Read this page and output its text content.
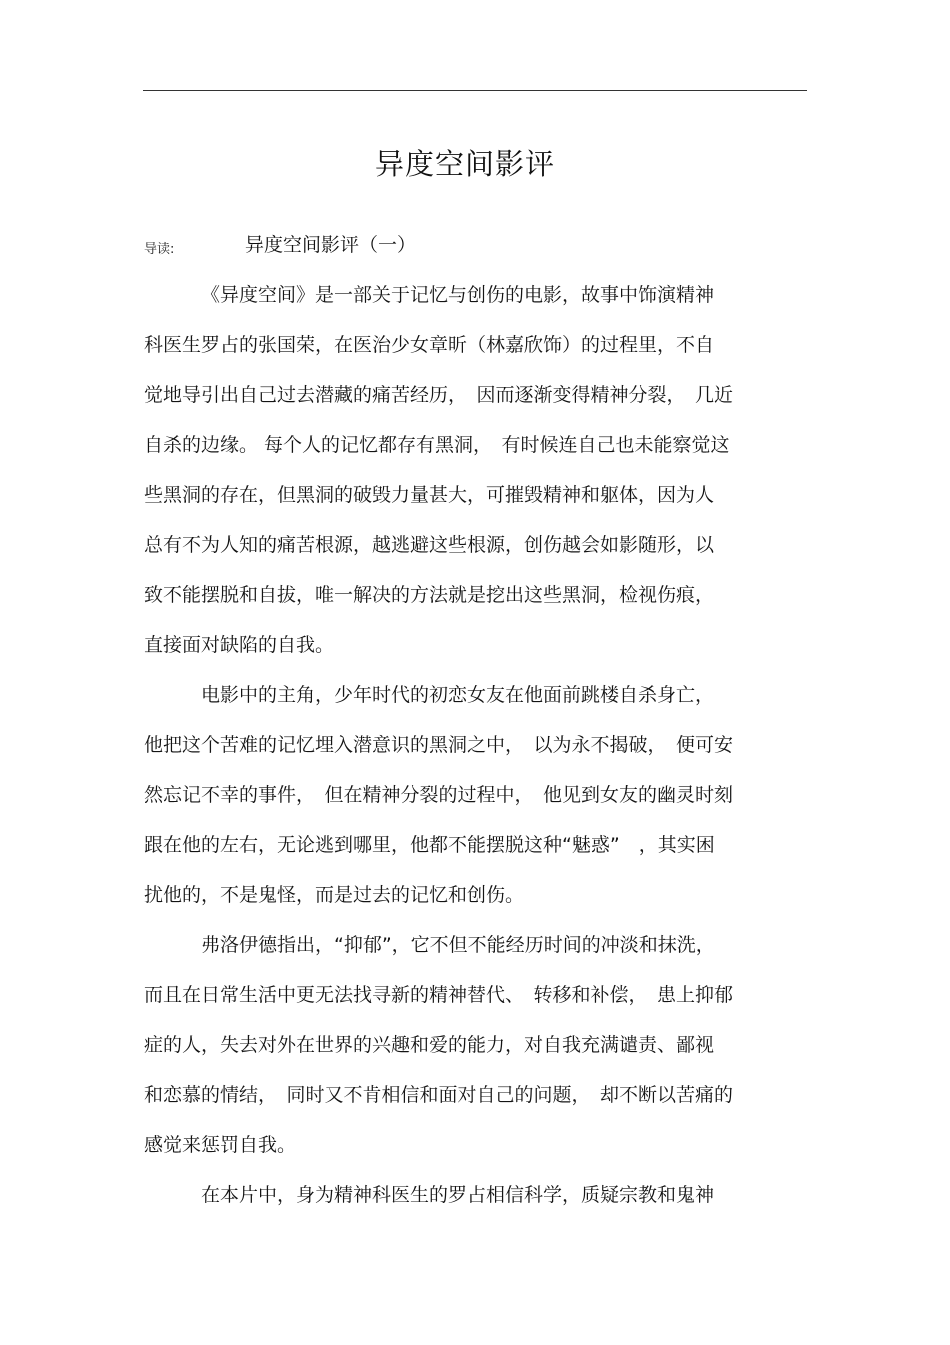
异度空间影评
导读:	异度空间影评（一）
《异度空间》是一部关于记忆与创伤的电影，故事中饰演精神
科医生罗占的张国荣，在医治少女章昕（林嘉欣饰）的过程里，不自
觉地导引出自己过去潜藏的痛苦经历，　因而逐渐变得精神分裂，　几近
自杀的边缘。 每个人的记忆都存有黑洞，　有时候连自己也未能察觉这
些黑洞的存在，但黑洞的破毁力量甚大，可摧毁精神和躯体，因为人
总有不为人知的痛苦根源，越逃避这些根源，创伤越会如影随形，以
致不能摆脱和自拔，唯一解决的方法就是挖出这些黑洞，检视伤痕，
直接面对缺陷的自我。
电影中的主角，少年时代的初恋女友在他面前跳楼自杀身亡，
他把这个苦难的记忆埋入潜意识的黑洞之中，　以为永不揭破，　便可安
然忘记不幸的事件，　但在精神分裂的过程中，　他见到女友的幽灵时刻
跟在他的左右，无论逃到哪里，他都不能摆脱这种“魅惑”　，其实困
扰他的，不是鬼怪，而是过去的记忆和创伤。
弗洛伊德指出，“抑郁”，它不但不能经历时间的冲淡和抹洗，
而且在日常生活中更无法找寻新的精神替代、　转移和补偿，　患上抑郁
症的人，失去对外在世界的兴趣和爱的能力，对自我充满谴责、鄙视
和恋慕的情结，　同时又不肯相信和面对自己的问题，　却不断以苦痛的
感觉来惩罚自我。
在本片中，身为精神科医生的罗占相信科学，质疑宗教和鬼神
